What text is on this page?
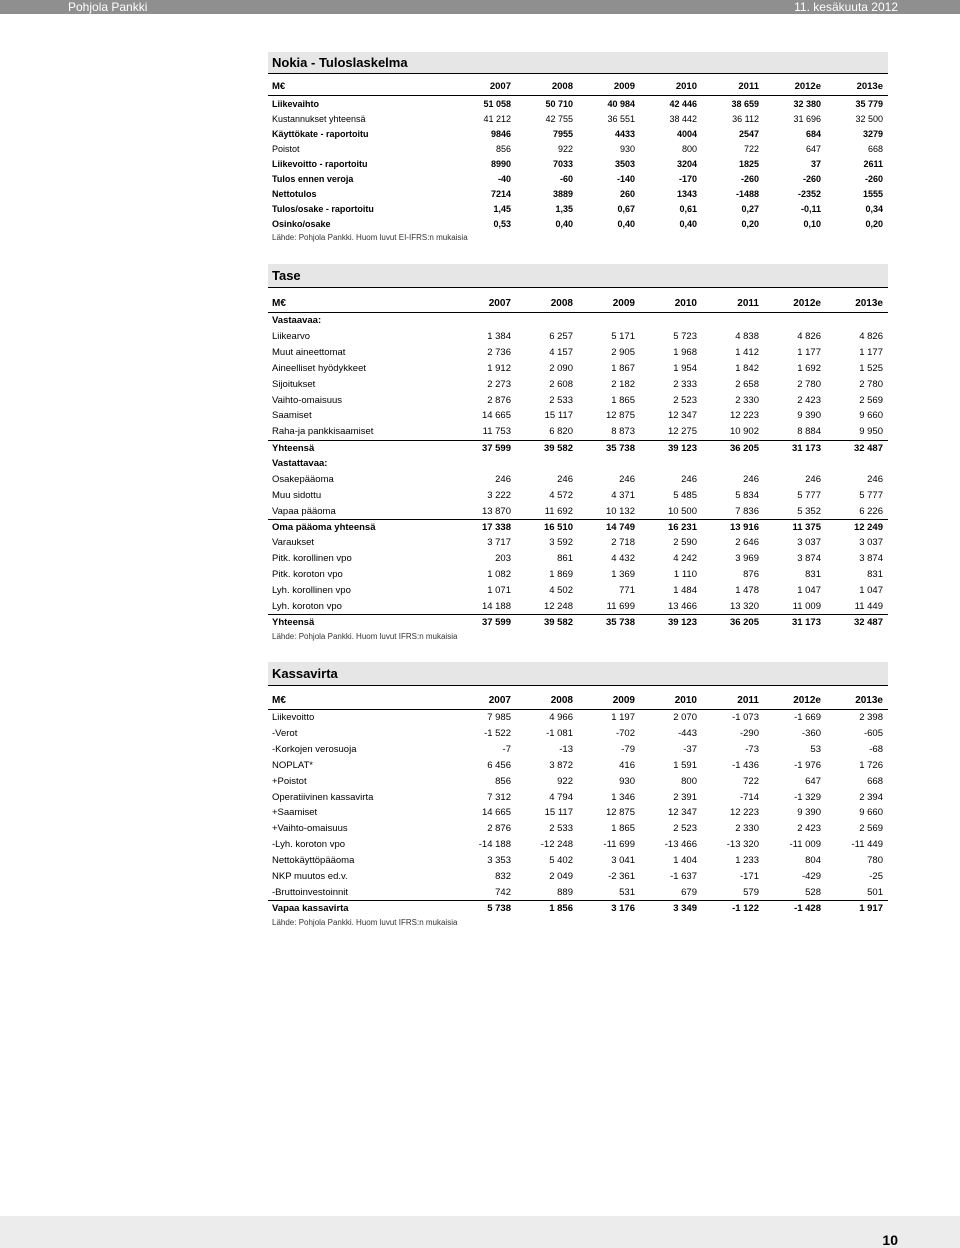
Pohjola Pankki	11. kesäkuuta 2012
Nokia - Tuloslaskelma
M€	2007	2008	2009	2010	2011	2012e	2013e
Liikevaihto	51 058	50 710	40 984	42 446	38 659	32 380	35 779
Kustannukset yhteensä	41 212	42 755	36 551	38 442	36 112	31 696	32 500
Käyttökate - raportoitu	9846	7955	4433	4004	2547	684	3279
Poistot	856	922	930	800	722	647	668
Liikevoitto - raportoitu	8990	7033	3503	3204	1825	37	2611
Tulos ennen veroja	-40	-60	-140	-170	-260	-260	-260
Nettotulos	7214	3889	260	1343	-1488	-2352	1555
Tulos/osake - raportoitu	1,45	1,35	0,67	0,61	0,27	-0,11	0,34
Osinko/osake	0,53	0,40	0,40	0,40	0,20	0,10	0,20
Lähde: Pohjola Pankki. Huom luvut EI-IFRS:n mukaisia
Tase
M€	2007	2008	2009	2010	2011	2012e	2013e
Vastaavaa:
Liikearvo	1 384	6 257	5 171	5 723	4 838	4 826	4 826
Muut aineettomat	2 736	4 157	2 905	1 968	1 412	1 177	1 177
Aineelliset hyödykkeet	1 912	2 090	1 867	1 954	1 842	1 692	1 525
Sijoitukset	2 273	2 608	2 182	2 333	2 658	2 780	2 780
Vaihto-omaisuus	2 876	2 533	1 865	2 523	2 330	2 423	2 569
Saamiset	14 665	15 117	12 875	12 347	12 223	9 390	9 660
Raha-ja pankkisaamiset	11 753	6 820	8 873	12 275	10 902	8 884	9 950
Yhteensä	37 599	39 582	35 738	39 123	36 205	31 173	32 487
Vastattavaa:
Osakepääoma	246	246	246	246	246	246	246
Muu sidottu	3 222	4 572	4 371	5 485	5 834	5 777	5 777
Vapaa pääoma	13 870	11 692	10 132	10 500	7 836	5 352	6 226
Oma pääoma yhteensä	17 338	16 510	14 749	16 231	13 916	11 375	12 249
Varaukset	3 717	3 592	2 718	2 590	2 646	3 037	3 037
Pitk. korollinen vpo	203	861	4 432	4 242	3 969	3 874	3 874
Pitk. koroton vpo	1 082	1 869	1 369	1 110	876	831	831
Lyh. korollinen vpo	1 071	4 502	771	1 484	1 478	1 047	1 047
Lyh. koroton vpo	14 188	12 248	11 699	13 466	13 320	11 009	11 449
Yhteensä	37 599	39 582	35 738	39 123	36 205	31 173	32 487
Lähde: Pohjola Pankki. Huom luvut IFRS:n mukaisia
Kassavirta
M€	2007	2008	2009	2010	2011	2012e	2013e
Liikevoitto	7 985	4 966	1 197	2 070	-1 073	-1 669	2 398
-Verot	-1 522	-1 081	-702	-443	-290	-360	-605
-Korkojen verosuoja	-7	-13	-79	-37	-73	53	-68
NOPLAT*	6 456	3 872	416	1 591	-1 436	-1 976	1 726
+Poistot	856	922	930	800	722	647	668
Operatiivinen kassavirta	7 312	4 794	1 346	2 391	-714	-1 329	2 394
+Saamiset	14 665	15 117	12 875	12 347	12 223	9 390	9 660
+Vaihto-omaisuus	2 876	2 533	1 865	2 523	2 330	2 423	2 569
-Lyh. koroton vpo	-14 188	-12 248	-11 699	-13 466	-13 320	-11 009	-11 449
Nettokäyttöpääoma	3 353	5 402	3 041	1 404	1 233	804	780
NKP muutos ed.v.	832	2 049	-2 361	-1 637	-171	-429	-25
-Bruttoinvestoinnit	742	889	531	679	579	528	501
Vapaa kassavirta	5 738	1 856	3 176	3 349	-1 122	-1 428	1 917
Lähde: Pohjola Pankki. Huom luvut IFRS:n mukaisia
10
